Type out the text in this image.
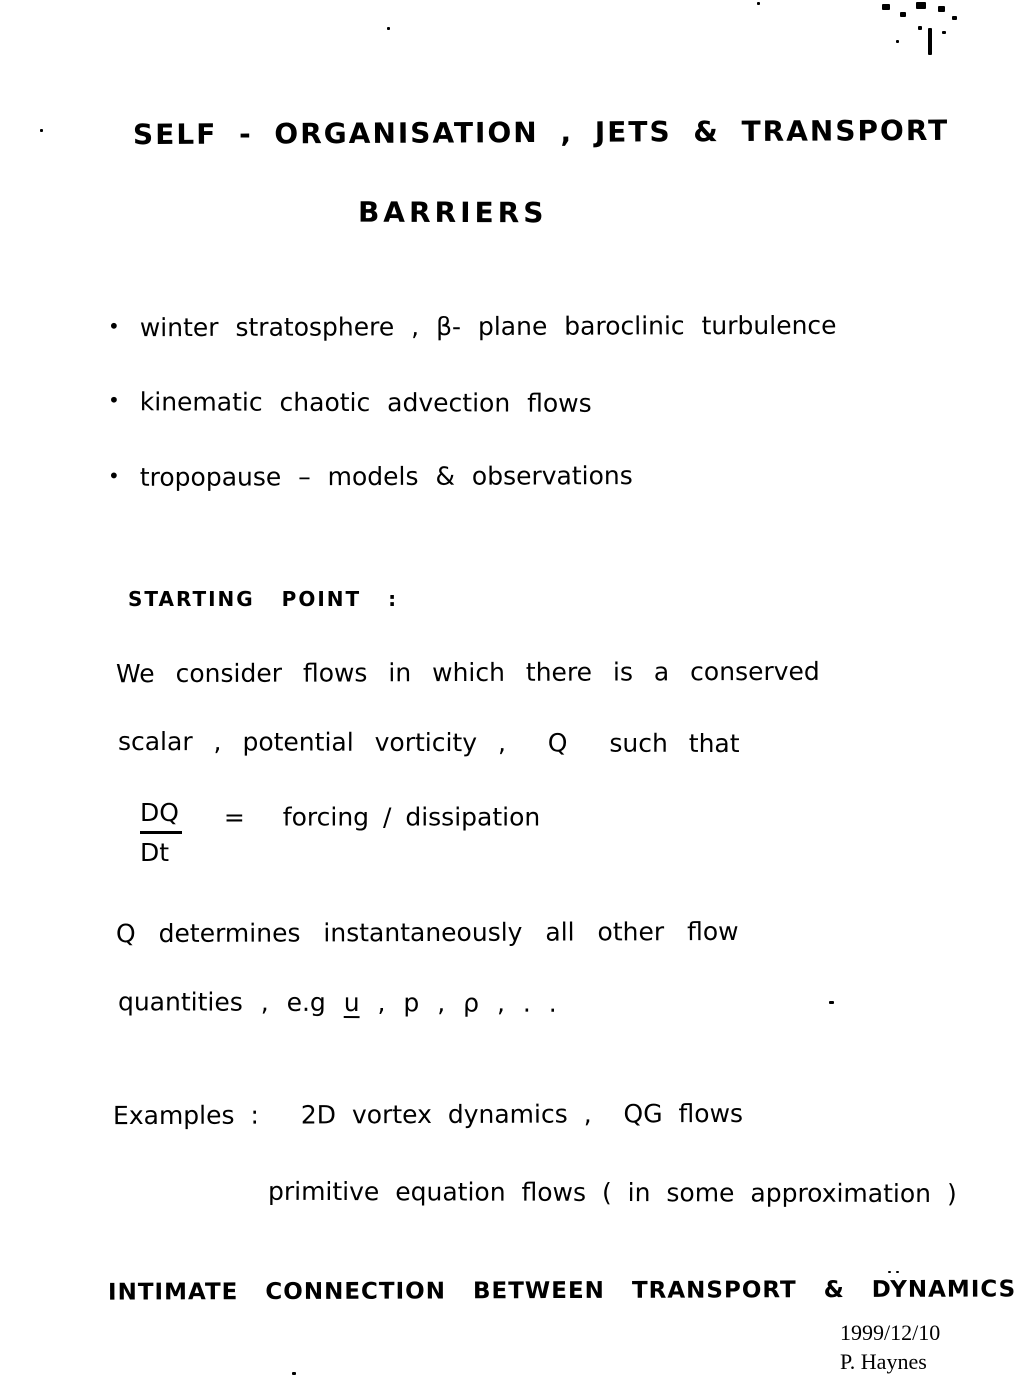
SELF - ORGANISATION , JETS & TRANSPORT
BARRIERS
• winter stratosphere , β- plane baroclinic turbulence
• kinematic chaotic advection flows
• tropopause – models & observations
STARTING POINT :
We consider flows in which there is a conserved
scalar , potential vorticity ,  Q  such that
$\frac{DQ}{Dt}$ = forcing / dissipation
Q determines instantaneously all other flow
quantities , e.g u , p , ρ , . .
Examples : 2D vortex dynamics ,  QG flows
primitive equation flows ( in some approximation )
INTIMATE CONNECTION BETWEEN TRANSPORT & DYNAMICS
1999/12/10
P. Haynes
